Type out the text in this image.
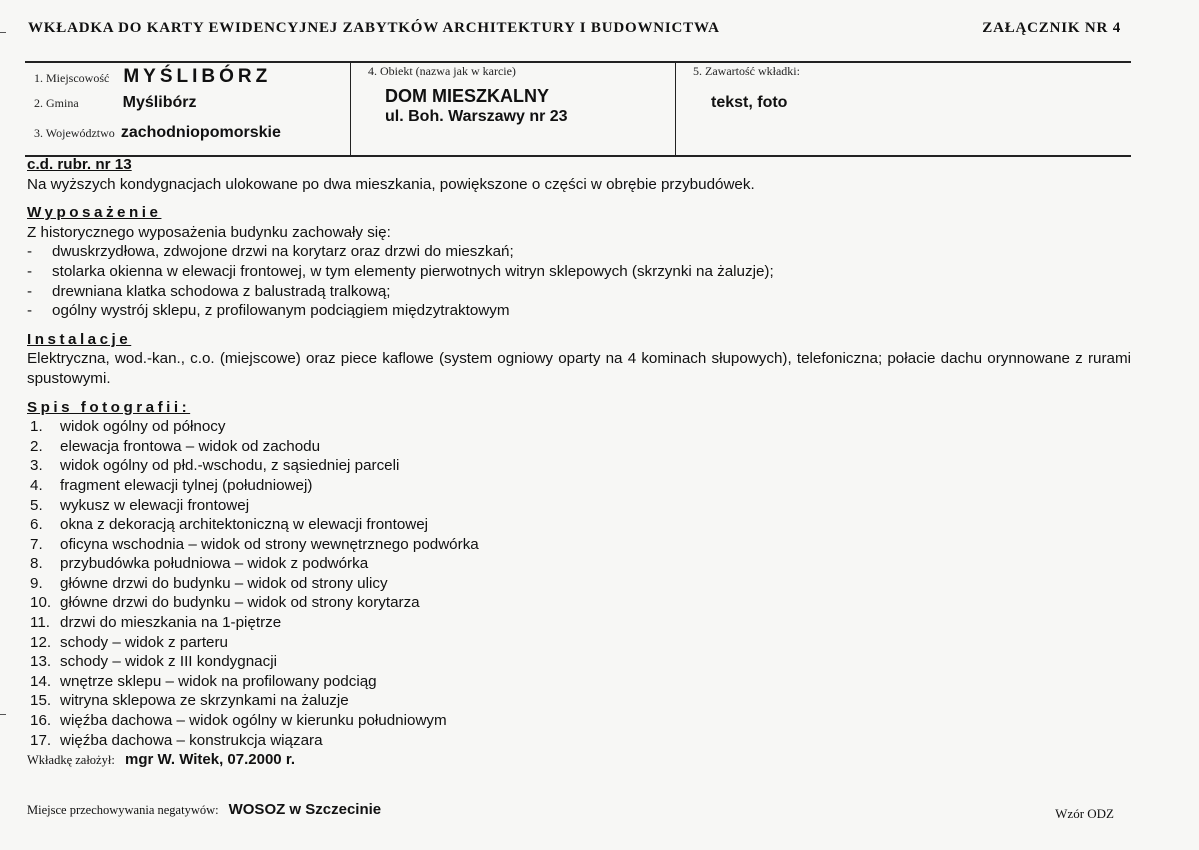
WKŁADKA DO KARTY EWIDENCYJNEJ ZABYTKÓW ARCHITEKTURY I BUDOWNICTWA	ZAŁĄCZNIK NR 4
1. Miejscowość MYŚLIBÓRZ
2. Gmina	Myślibórz
3. Województwo zachodniopomorskie
4. Obiekt (nazwa jak w karcie)
DOM MIESZKALNY
ul. Boh. Warszawy nr 23
5. Zawartość wkładki:
tekst, foto

c.d. rubr. nr 13

Na wyższych kondygnacjach ulokowane po dwa mieszkania, powiększone o części w obrębie przybudówek.

Wyposażenie

Z historycznego wyposażenia budynku zachowały się:

-	dwuskrzydłowa, zdwojone drzwi na korytarz oraz drzwi do mieszkań;
-	stolarka okienna w elewacji frontowej, w tym elementy pierwotnych witryn sklepowych (skrzynki na żaluzje);
-	drewniana klatka schodowa z balustradą tralkową;
-	ogólny wystrój sklepu, z profilowanym podciągiem międzytraktowym

Instalacje

Elektryczna, wod.-kan., c.o. (miejscowe) oraz piece kaflowe (system ogniowy oparty na 4 kominach słupowych), telefoniczna; połacie dachu orynnowane z rurami spustowymi.

Spis fotografii:

1.	widok ogólny od północy
2.	elewacja frontowa – widok od zachodu
3.	widok ogólny od płd.-wschodu, z sąsiedniej parceli
4.	fragment elewacji tylnej (południowej)
5.	wykusz w elewacji frontowej
6.	okna z dekoracją architektoniczną w elewacji frontowej
7.	oficyna wschodnia – widok od strony wewnętrznego podwórka
8.	przybudówka południowa – widok z podwórka
9.	główne drzwi do budynku – widok od strony ulicy
10. główne drzwi do budynku – widok od strony korytarza
11. drzwi do mieszkania na 1-piętrze
12. schody – widok z parteru
13. schody – widok z III kondygnacji
14. wnętrze sklepu – widok na profilowany podciąg
15. witryna sklepowa ze skrzynkami na żaluzje
16. więźba dachowa – widok ogólny w kierunku południowym
17. więźba dachowa – konstrukcja wiązara
Wkładkę założył: mgr W. Witek, 07.2000 r.
Miejsce przechowywania negatywów: WOSOZ w Szczecinie	Wzór ODZ
